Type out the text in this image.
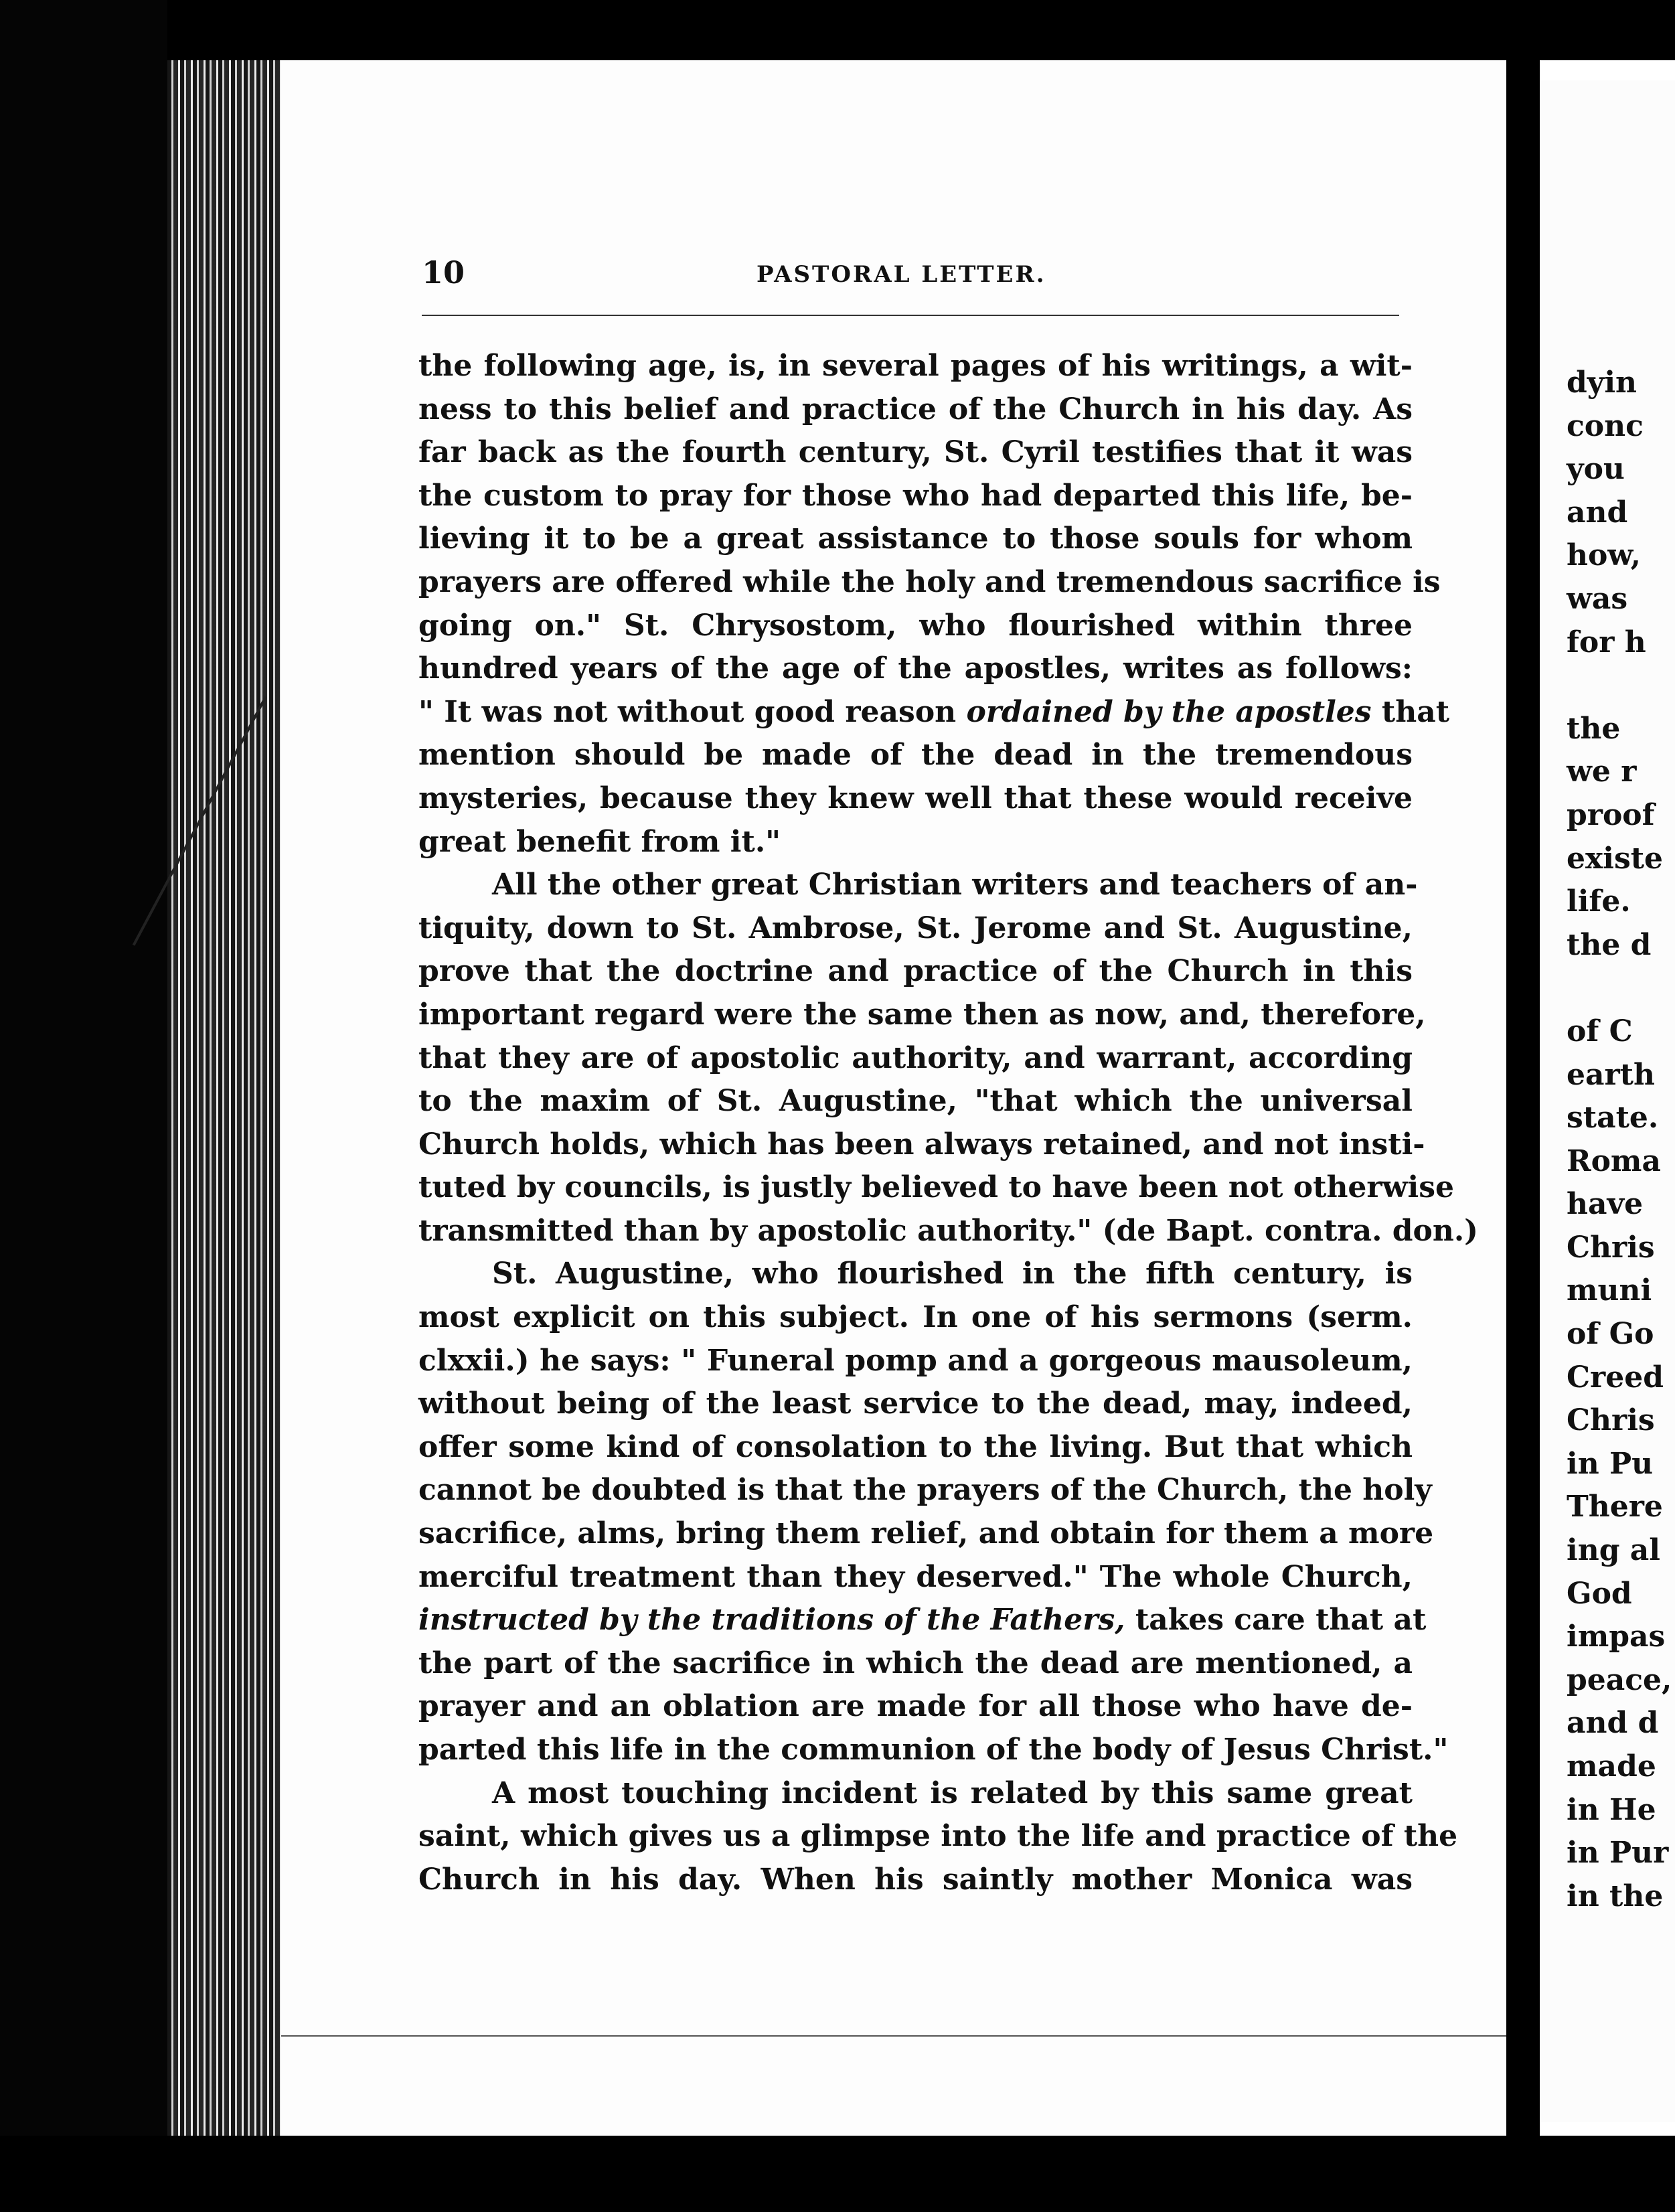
10	PASTORAL LETTER.
the following age, is, in several pages of his writings, a wit-
ness to this belief and practice of the Church in his day. As
far back as the fourth century, St. Cyril testifies that it was
the custom to pray for those who had departed this life, be-
lieving it to be a great assistance to those souls for whom
prayers are offered while the holy and tremendous sacrifice is
going on." St. Chrysostom, who flourished within three
hundred years of the age of the apostles, writes as follows:
" It was not without good reason ordained by the apostles that
mention should be made of the dead in the tremendous
mysteries, because they knew well that these would receive
great benefit from it."
All the other great Christian writers and teachers of an-
tiquity, down to St. Ambrose, St. Jerome and St. Augustine,
prove that the doctrine and practice of the Church in this
important regard were the same then as now, and, therefore,
that they are of apostolic authority, and warrant, according
to the maxim of St. Augustine, "that which the universal
Church holds, which has been always retained, and not insti-
tuted by councils, is justly believed to have been not otherwise
transmitted than by apostolic authority." (de Bapt. contra. don.)
St. Augustine, who flourished in the fifth century, is
most explicit on this subject. In one of his sermons (serm.
clxxii.) he says: " Funeral pomp and a gorgeous mausoleum,
without being of the least service to the dead, may, indeed,
offer some kind of consolation to the living. But that which
cannot be doubted is that the prayers of the Church, the holy
sacrifice, alms, bring them relief, and obtain for them a more
merciful treatment than they deserved." The whole Church,
instructed by the traditions of the Fathers, takes care that at
the part of the sacrifice in which the dead are mentioned, a
prayer and an oblation are made for all those who have de-
parted this life in the communion of the body of Jesus Christ."
A most touching incident is related by this same great
saint, which gives us a glimpse into the life and practice of the
Church in his day. When his saintly mother Monica was
dyin
conc
you
and
how,
was
for h
the
we r
proof
existe
life.
the d
of C
earth
state.
Roma
have
Chris
muni
of Go
Creed
Chris
in Pu
There
ing al
God
impas
peace,
and d
made
in He
in Pur
in the
